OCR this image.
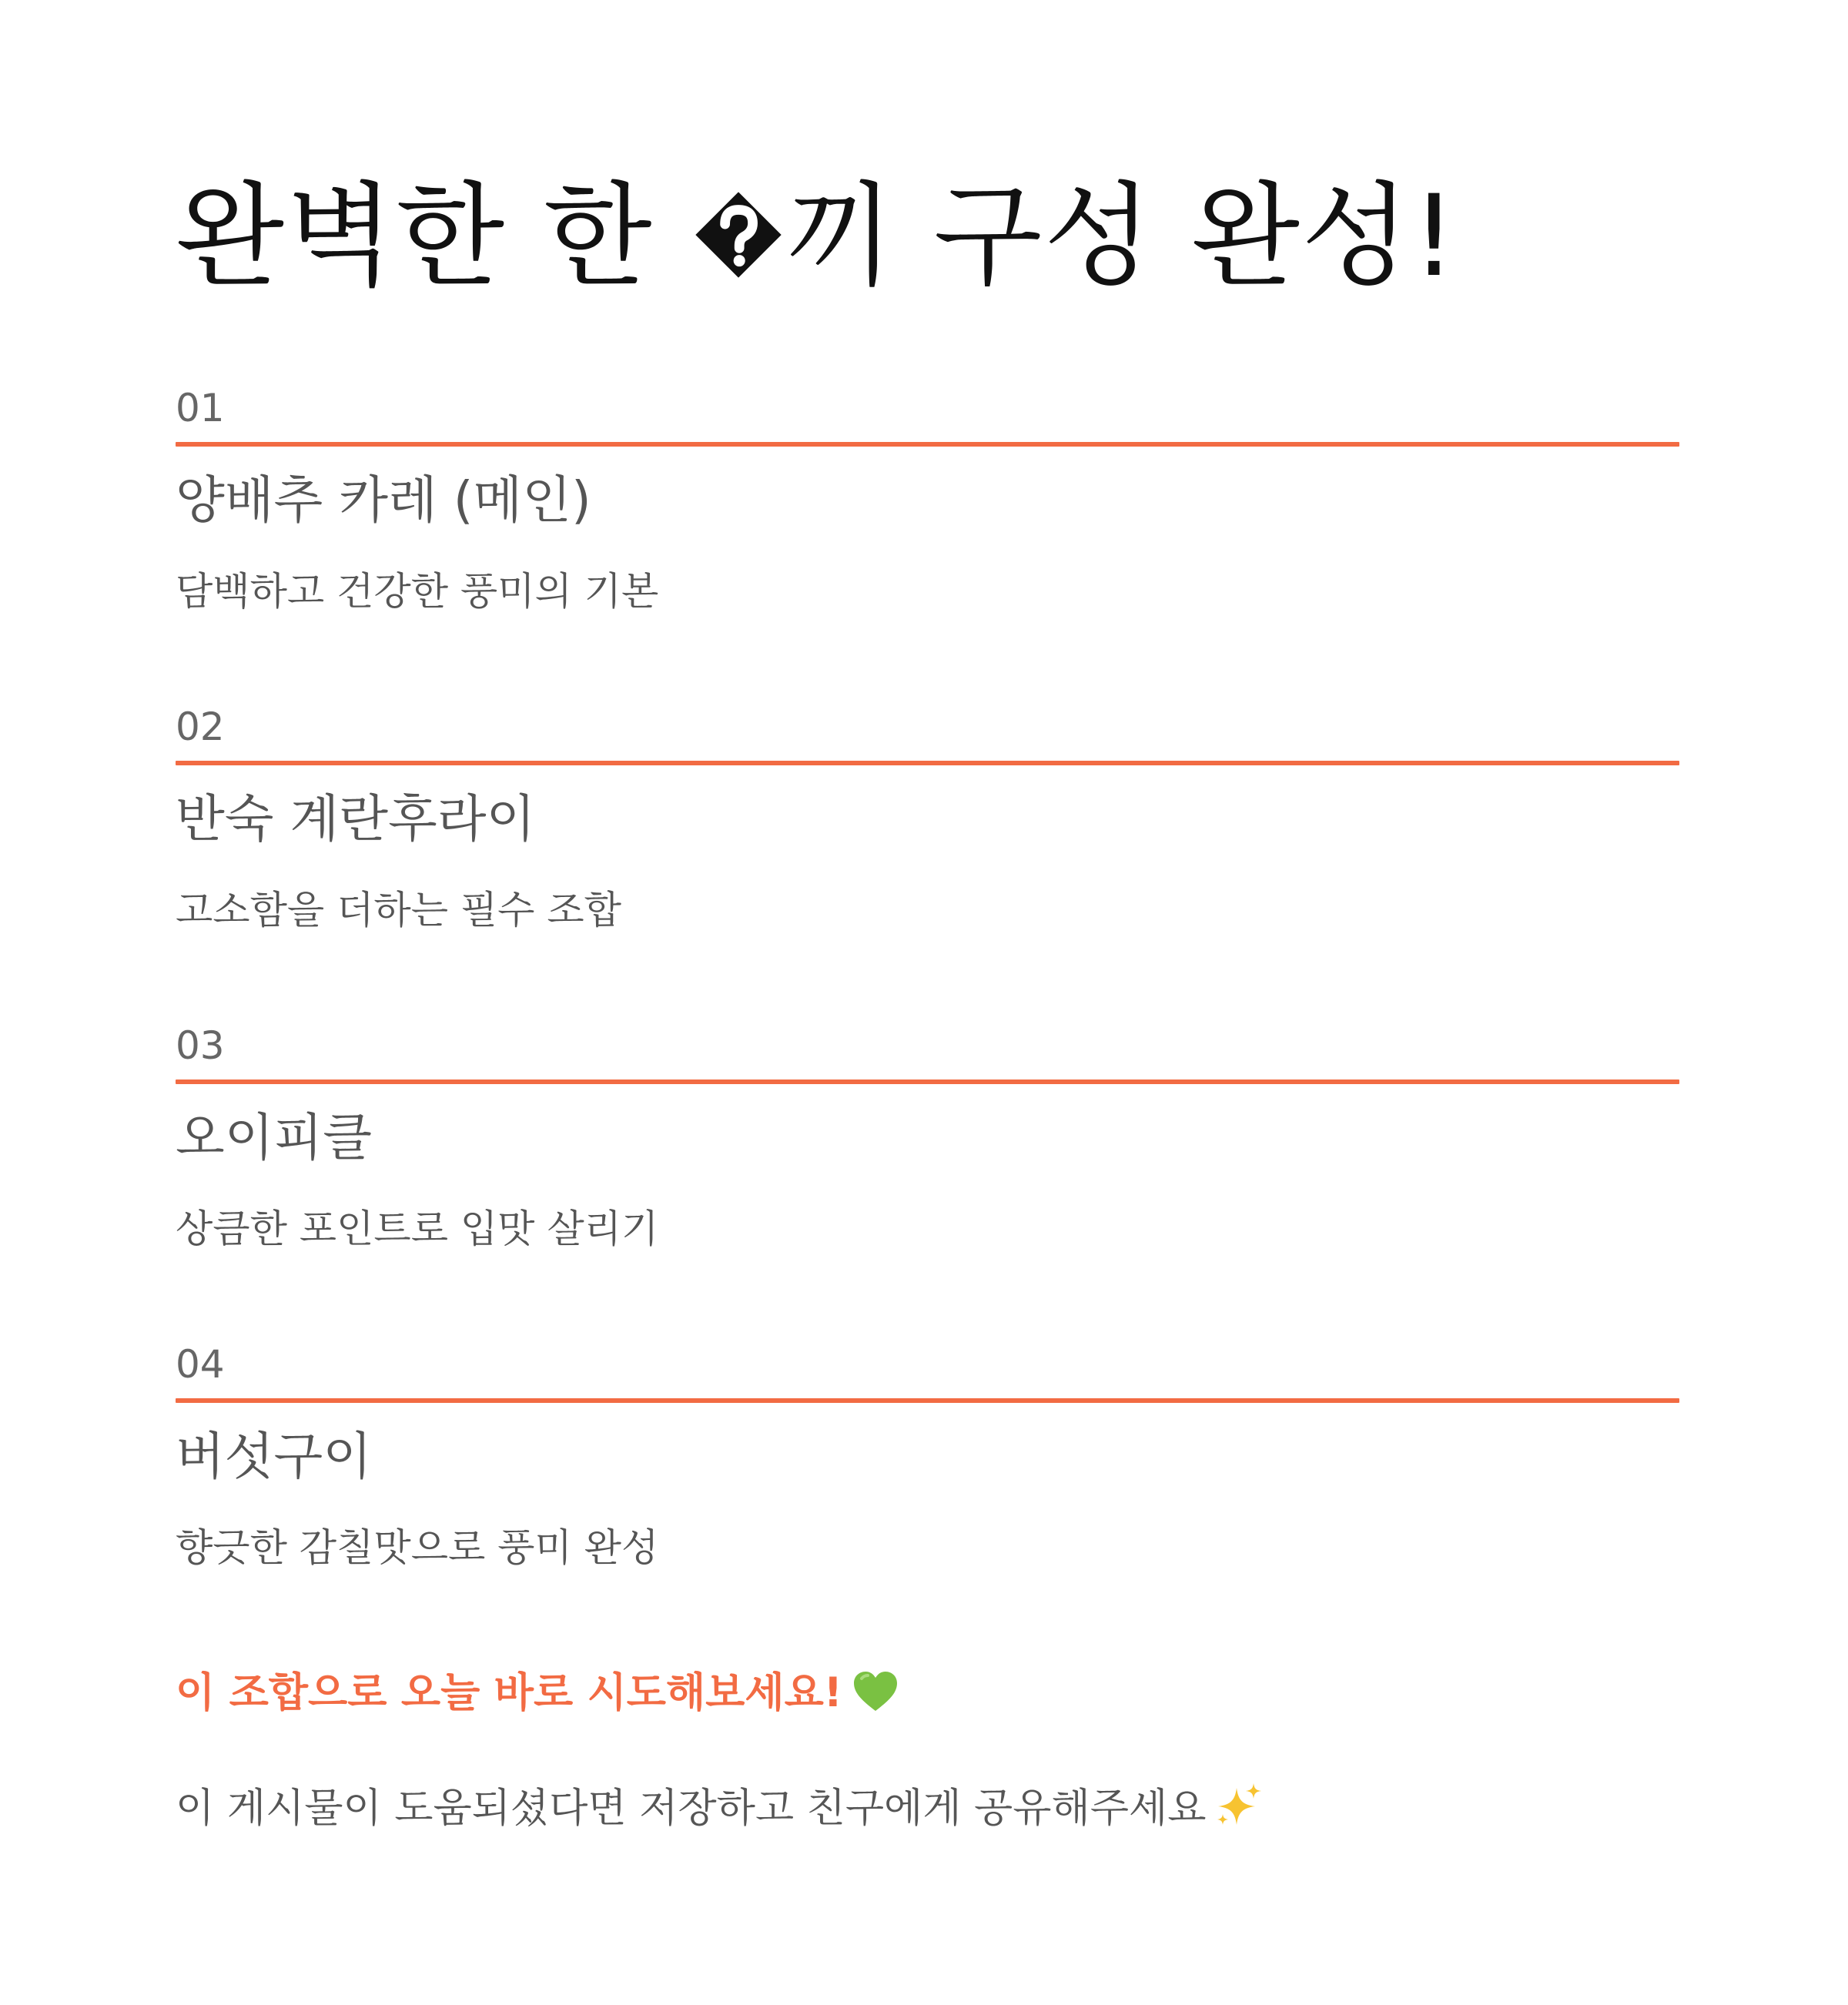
완벽한 한
끼 구성 완성!
01
양배추 카레 (메인)
담백하고 건강한 풍미의 기본
02
반숙 계란후라이
고소함을 더하는 필수 조합
03
오이피클
상큼한 포인트로 입맛 살리기
04
버섯구이
향긋한 감칠맛으로 풍미 완성
이 조합으로 오늘 바로 시도해보세요!
이 게시물이 도움되셨다면 저장하고 친구에게 공유해주세요
